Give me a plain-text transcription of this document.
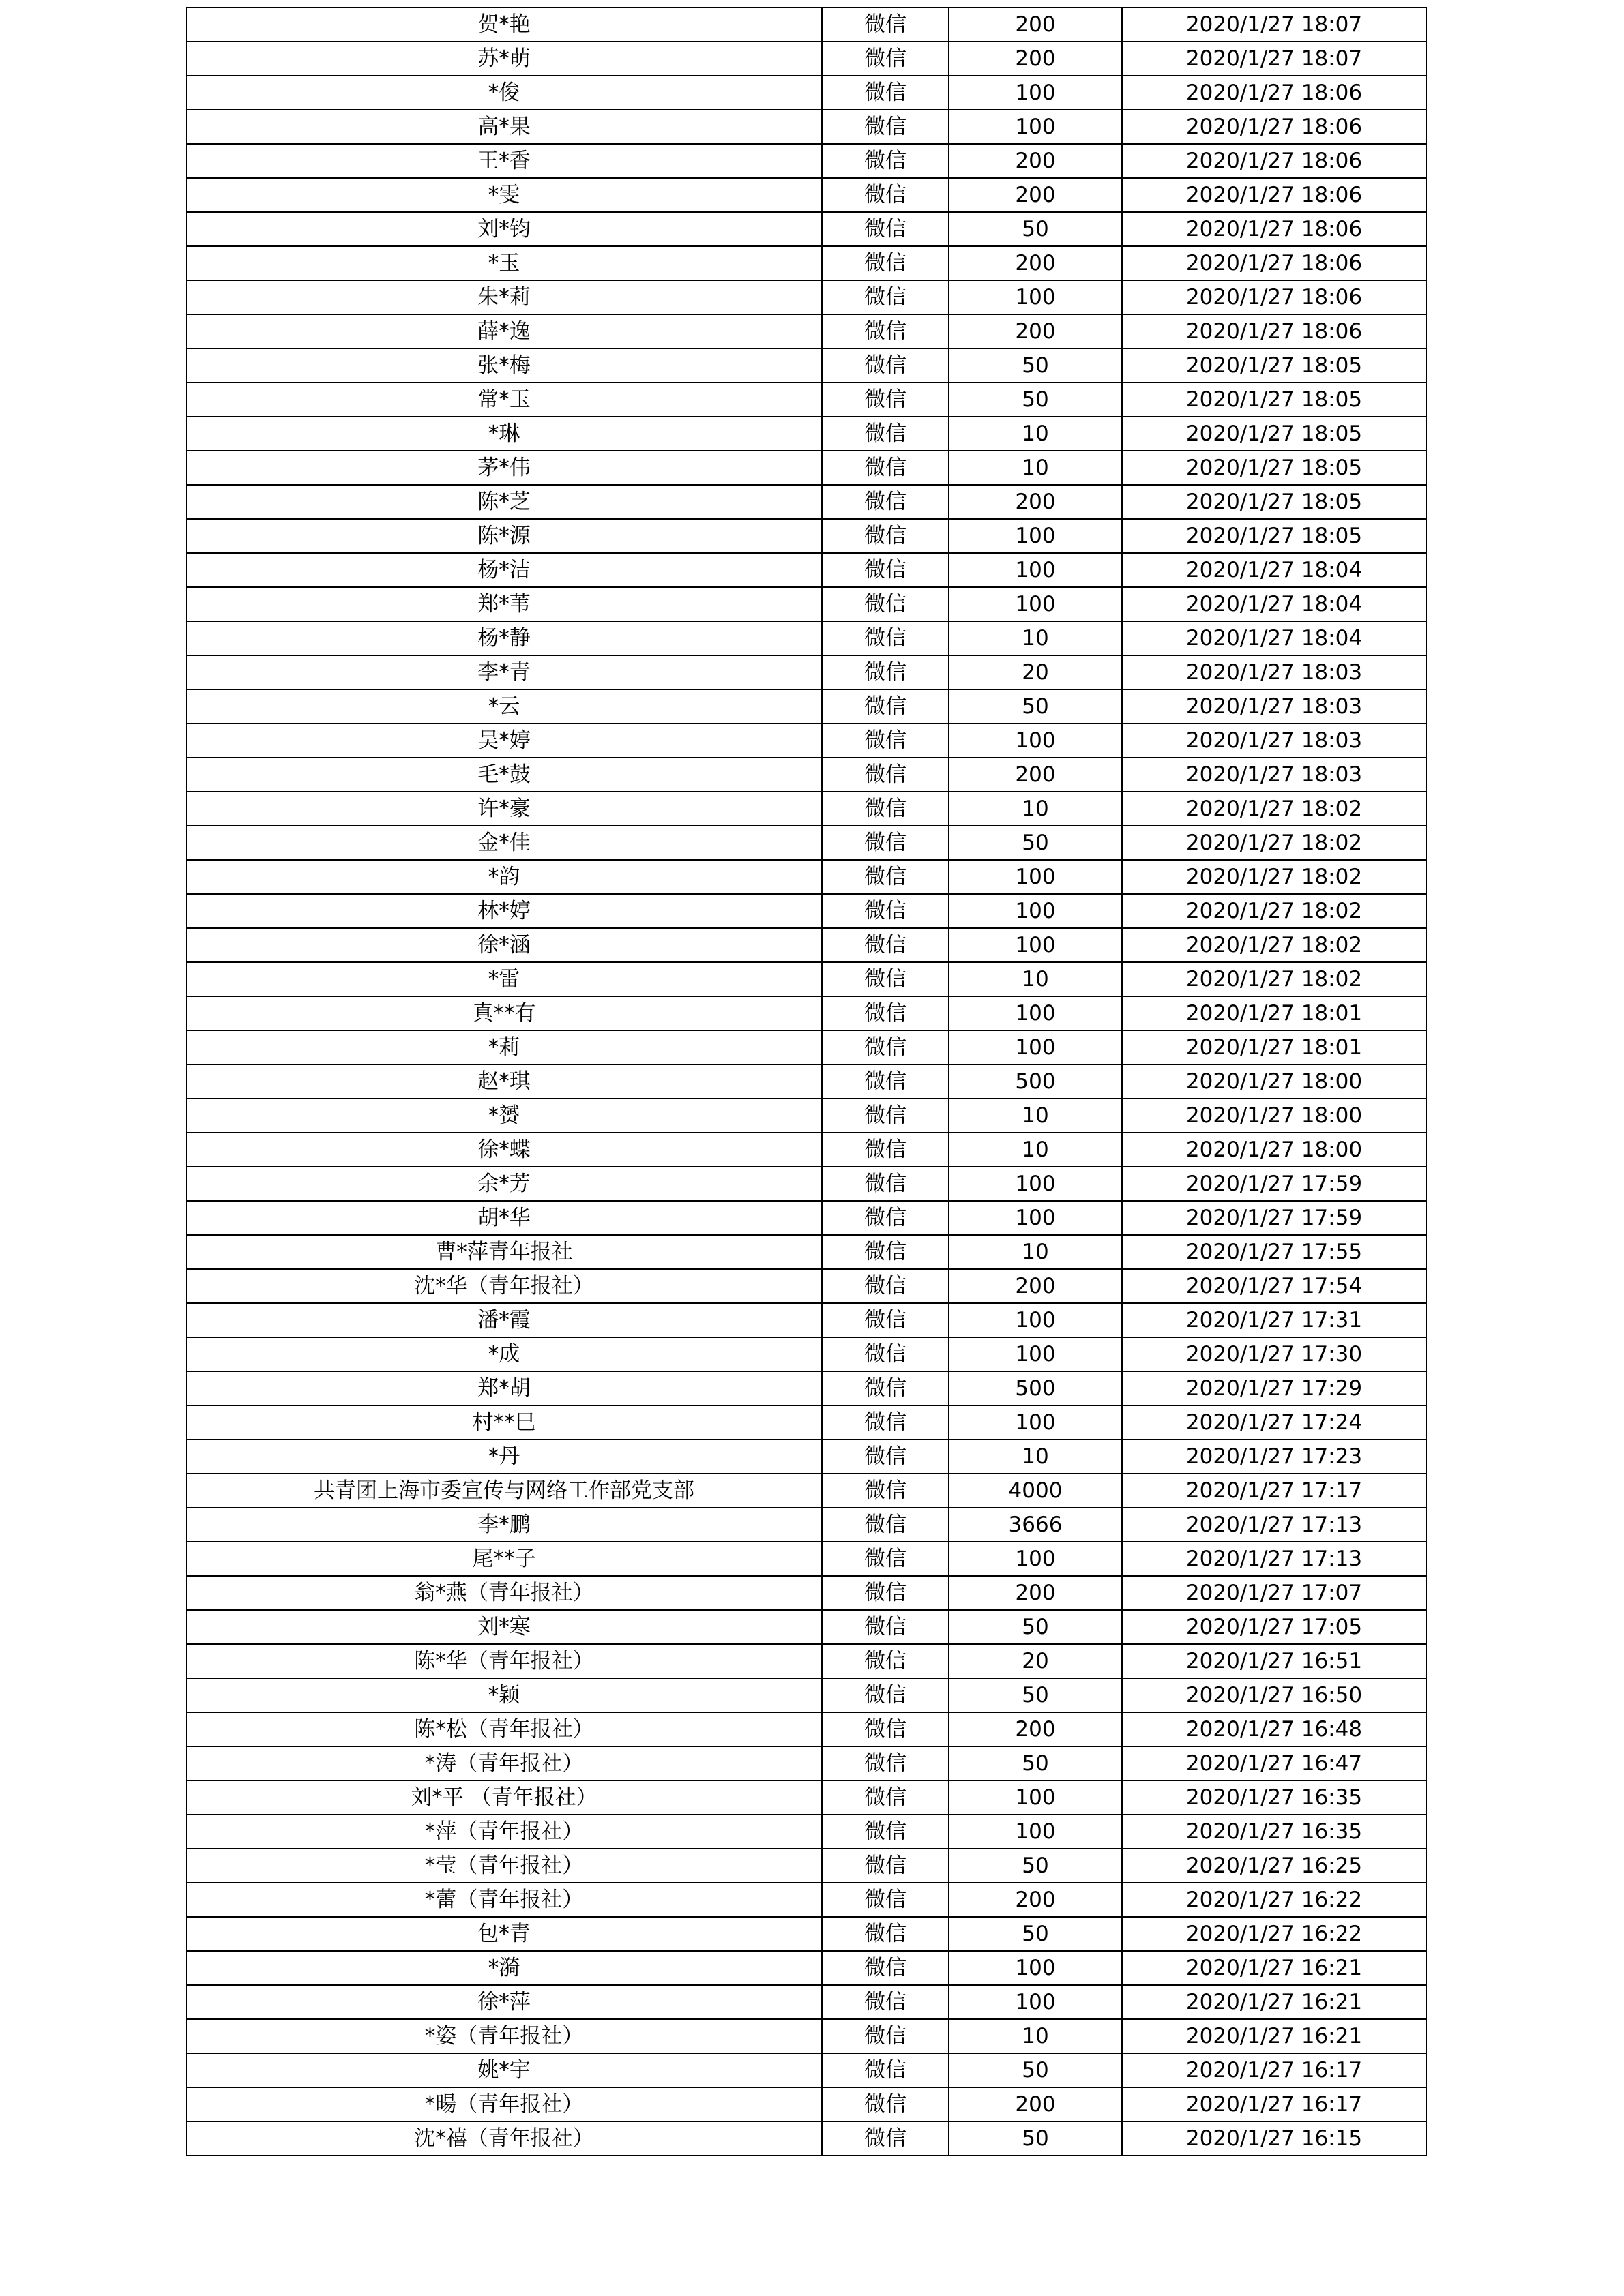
贺*艳	微信	200	2020/1/27 18:07
苏*萌	微信	200	2020/1/27 18:07
*俊	微信	100	2020/1/27 18:06
高*果	微信	100	2020/1/27 18:06
王*香	微信	200	2020/1/27 18:06
*雯	微信	200	2020/1/27 18:06
刘*钧	微信	50	2020/1/27 18:06
*玉	微信	200	2020/1/27 18:06
朱*莉	微信	100	2020/1/27 18:06
薛*逸	微信	200	2020/1/27 18:06
张*梅	微信	50	2020/1/27 18:05
常*玉	微信	50	2020/1/27 18:05
*琳	微信	10	2020/1/27 18:05
茅*伟	微信	10	2020/1/27 18:05
陈*芝	微信	200	2020/1/27 18:05
陈*源	微信	100	2020/1/27 18:05
杨*洁	微信	100	2020/1/27 18:04
郑*苇	微信	100	2020/1/27 18:04
杨*静	微信	10	2020/1/27 18:04
李*青	微信	20	2020/1/27 18:03
*云	微信	50	2020/1/27 18:03
吴*婷	微信	100	2020/1/27 18:03
毛*鼓	微信	200	2020/1/27 18:03
许*豪	微信	10	2020/1/27 18:02
金*佳	微信	50	2020/1/27 18:02
*韵	微信	100	2020/1/27 18:02
林*婷	微信	100	2020/1/27 18:02
徐*涵	微信	100	2020/1/27 18:02
*雷	微信	10	2020/1/27 18:02
真**有	微信	100	2020/1/27 18:01
*莉	微信	100	2020/1/27 18:01
赵*琪	微信	500	2020/1/27 18:00
*赟	微信	10	2020/1/27 18:00
徐*蝶	微信	10	2020/1/27 18:00
余*芳	微信	100	2020/1/27 17:59
胡*华	微信	100	2020/1/27 17:59
曹*萍青年报社	微信	10	2020/1/27 17:55
沈*华（青年报社）	微信	200	2020/1/27 17:54
潘*霞	微信	100	2020/1/27 17:31
*成	微信	100	2020/1/27 17:30
郑*胡	微信	500	2020/1/27 17:29
村**巳	微信	100	2020/1/27 17:24
*丹	微信	10	2020/1/27 17:23
共青团上海市委宣传与网络工作部党支部	微信	4000	2020/1/27 17:17
李*鹏	微信	3666	2020/1/27 17:13
尾**子	微信	100	2020/1/27 17:13
翁*燕（青年报社）	微信	200	2020/1/27 17:07
刘*寒	微信	50	2020/1/27 17:05
陈*华（青年报社）	微信	20	2020/1/27 16:51
*颖	微信	50	2020/1/27 16:50
陈*松（青年报社）	微信	200	2020/1/27 16:48
*涛（青年报社）	微信	50	2020/1/27 16:47
刘*平 （青年报社）	微信	100	2020/1/27 16:35
*萍（青年报社）	微信	100	2020/1/27 16:35
*莹（青年报社）	微信	50	2020/1/27 16:25
*蕾（青年报社）	微信	200	2020/1/27 16:22
包*青	微信	50	2020/1/27 16:22
*漪	微信	100	2020/1/27 16:21
徐*萍	微信	100	2020/1/27 16:21
*姿（青年报社）	微信	10	2020/1/27 16:21
姚*宇	微信	50	2020/1/27 16:17
*暘（青年报社）	微信	200	2020/1/27 16:17
沈*禧（青年报社）	微信	50	2020/1/27 16:15
